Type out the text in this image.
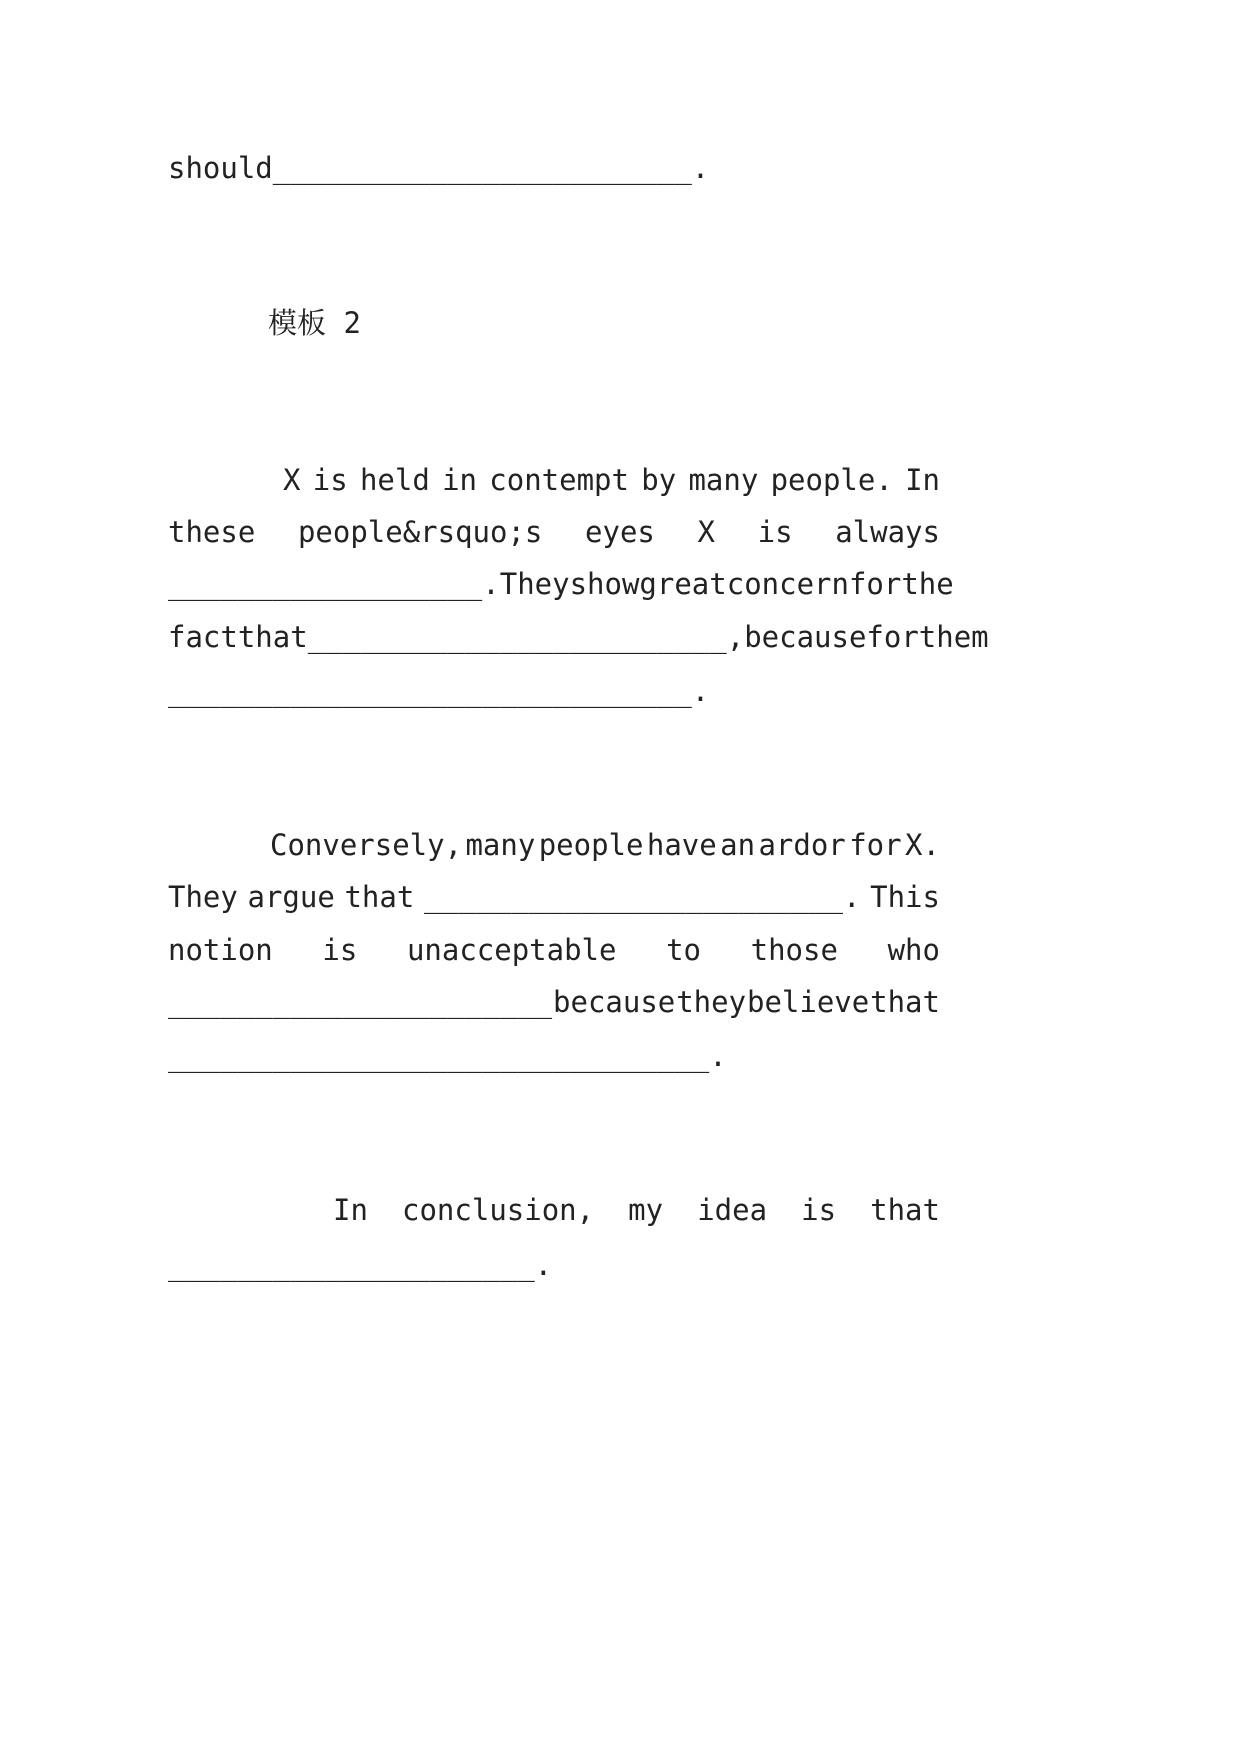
should________________________.
模板 2
X is held in contempt by many people. In
these people&rsquo;s eyes X is always
__________________. They show great concern for the
fact that ________________________, because for them
______________________________.
Conversely, many people have an ardor for X.
They argue that ________________________. This
notion is unacceptable to those who
______________________ because they believe that
_______________________________.
In conclusion, my idea is that
_____________________.
